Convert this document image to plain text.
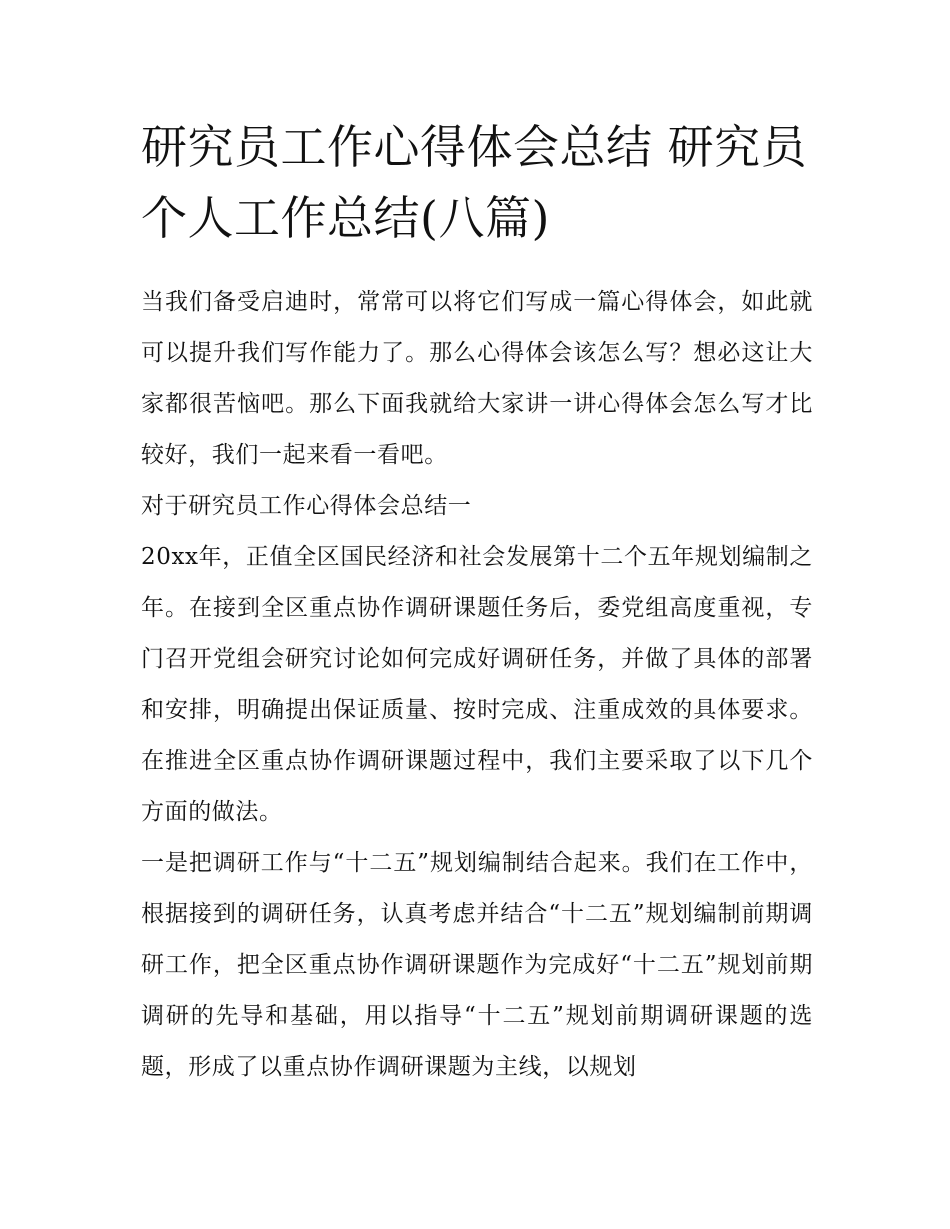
研究员工作心得体会总结 研究员个人工作总结(八篇)

当我们备受启迪时，常常可以将它们写成一篇心得体会，如此就可以提升我们写作能力了。那么心得体会该怎么写？想必这让大家都很苦恼吧。那么下面我就给大家讲一讲心得体会怎么写才比较好，我们一起来看一看吧。

对于研究员工作心得体会总结一

20xx年，正值全区国民经济和社会发展第十二个五年规划编制之年。在接到全区重点协作调研课题任务后，委党组高度重视，专门召开党组会研究讨论如何完成好调研任务，并做了具体的部署和安排，明确提出保证质量、按时完成、注重成效的具体要求。在推进全区重点协作调研课题过程中，我们主要采取了以下几个方面的做法。

一是把调研工作与“十二五”规划编制结合起来。我们在工作中，根据接到的调研任务，认真考虑并结合“十二五”规划编制前期调研工作，把全区重点协作调研课题作为完成好“十二五”规划前期调研的先导和基础，用以指导“十二五”规划前期调研课题的选题，形成了以重点协作调研课题为主线，以规划
